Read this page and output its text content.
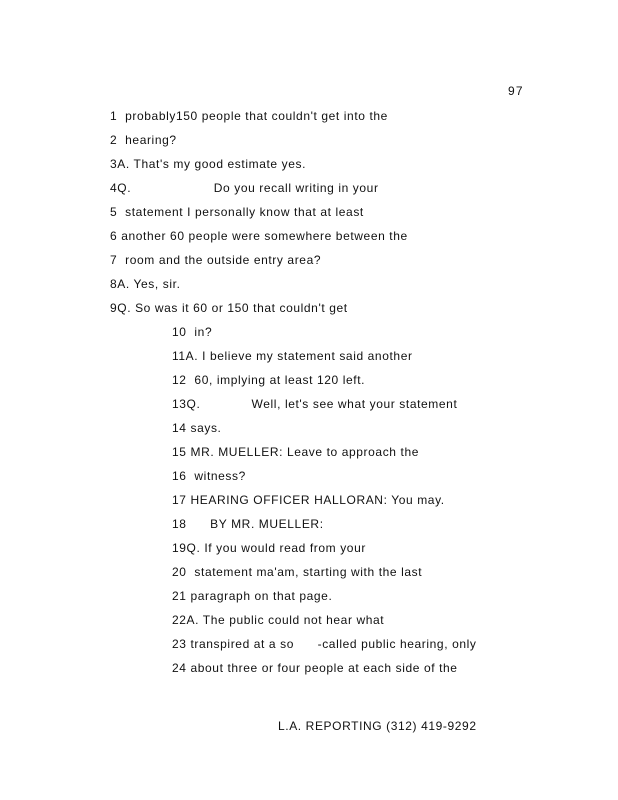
97
1  probably150 people that couldn't get into the
2  hearing?
3A. That's my good estimate yes.
4Q.                     Do you recall writing in your
5  statement I personally know that at least
6 another 60 people were somewhere between the
7  room and the outside entry area?
8A. Yes, sir.
9Q. So was it 60 or 150 that couldn't get
10  in?
11A. I believe my statement said another
12  60, implying at least 120 left.
13Q.             Well, let's see what your statement
14 says.
15 MR. MUELLER: Leave to approach the
16  witness?
17 HEARING OFFICER HALLORAN: You may.
18      BY MR. MUELLER:
19Q. If you would read from your
20  statement ma'am, starting with the last
21 paragraph on that page.
22A. The public could not hear what
23 transpired at a so      -called public hearing, only
24 about three or four people at each side of the
L.A. REPORTING (312) 419-9292
